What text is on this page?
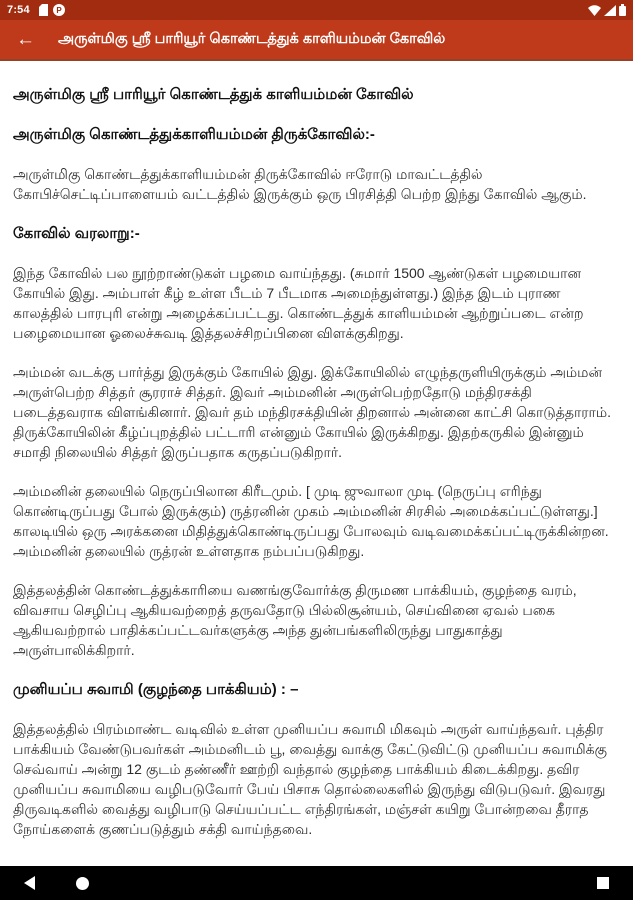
7:54	P
← அருள்மிகு ஸ்ரீ பாரியூர் கொண்டத்துக் காளியம்மன் கோவில்
அருள்மிகு ஸ்ரீ பாரியூர் கொண்டத்துக் காளியம்மன் கோவில்
அருள்மிகு கொண்டத்துக்காளியம்மன் திருக்கோவில்:-
அருள்மிகு கொண்டத்துக்காளியம்மன் திருக்கோவில் ஈரோடு மாவட்டத்தில் கோபிச்செட்டிப்பாளையம் வட்டத்தில் இருக்கும் ஒரு பிரசித்தி பெற்ற இந்து கோவில் ஆகும்.
கோவில் வரலாறு:-
இந்த கோவில் பல நூற்றாண்டுகள் பழமை வாய்ந்தது. (சுமார் 1500 ஆண்டுகள் பழமையான கோயில் இது. அம்பாள் கீழ் உள்ள பீடம் 7 பீடமாக அமைந்துள்ளது.) இந்த இடம் புராண காலத்தில் பாரபுரி என்று அழைக்கப்பட்டது. கொண்டத்துக் காளியம்மன் ஆற்றுப்படை என்ற பழைமையான ஓலைச்சுவடி இத்தலச்சிறப்பினை விளக்குகிறது.
அம்மன் வடக்கு பார்த்து இருக்கும் கோயில் இது. இக்கோயிலில் எழுந்தருளியிருக்கும் அம்மன் அருள்பெற்ற சித்தர் சூரராச் சித்தர். இவர் அம்மனின் அருள்பெற்றதோடு மந்திரசக்தி படைத்தவராக விளங்கினார். இவர் தம் மந்திரசக்தியின் திறனால் அன்னை காட்சி கொடுத்தாராம். திருக்கோயிலின் கீழ்ப்புறத்தில் பட்டாரி என்னும் கோயில் இருக்கிறது. இதற்கருகில் இன்னும் சமாதி நிலையில் சித்தர் இருப்பதாக கருதப்படுகிறார்.
அம்மனின் தலையில் நெருப்பிலான கிரீடமும். [ முடி ஜுவாலா முடி (நெருப்பு எரிந்து கொண்டிருப்பது போல் இருக்கும்) ருத்ரனின் முகம் அம்மனின் சிரசில் அமைக்கப்பட்டுள்ளது.] காலடியில் ஒரு அரக்கனை மிதித்துக்கொண்டிருப்பது போலவும் வடிவமைக்கப்பட்டிருக்கின்றன. அம்மனின் தலையில் ருத்ரன் உள்ளதாக நம்பப்படுகிறது.
இத்தலத்தின் கொண்டத்துக்காரியை வணங்குவோர்க்கு திருமண பாக்கியம், குழந்தை வரம், விவசாய செழிப்பு ஆகியவற்றைத் தருவதோடு பில்லிசூன்யம், செய்வினை ஏவல் பகை ஆகியவற்றால் பாதிக்கப்பட்டவர்களுக்கு அந்த துன்பங்களிலிருந்து பாதுகாத்து அருள்பாலிக்கிறார்.
முனியப்ப சுவாமி (குழந்தை பாக்கியம்) : –
இத்தலத்தில் பிரம்மாண்ட வடிவில் உள்ள முனியப்ப சுவாமி மிகவும் அருள் வாய்ந்தவர். புத்திர பாக்கியம் வேண்டுபவர்கள் அம்மனிடம் பூ, வைத்து வாக்கு கேட்டுவிட்டு முனியப்ப சுவாமிக்கு செவ்வாய் அன்று 12 குடம் தண்ணீர் ஊற்றி வந்தால் குழந்தை பாக்கியம் கிடைக்கிறது. தவிர முனியப்ப சுவாமியை வழிபடுவோர் பேய் பிசாசு தொல்லைகளில் இருந்து விடுபடுவர். இவரது திருவடிகளில் வைத்து வழிபாடு செய்யப்பட்ட எந்திரங்கள், மஞ்சள் கயிறு போன்றவை தீராத நோய்களைக் குணப்படுத்தும் சக்தி வாய்ந்தவை.
